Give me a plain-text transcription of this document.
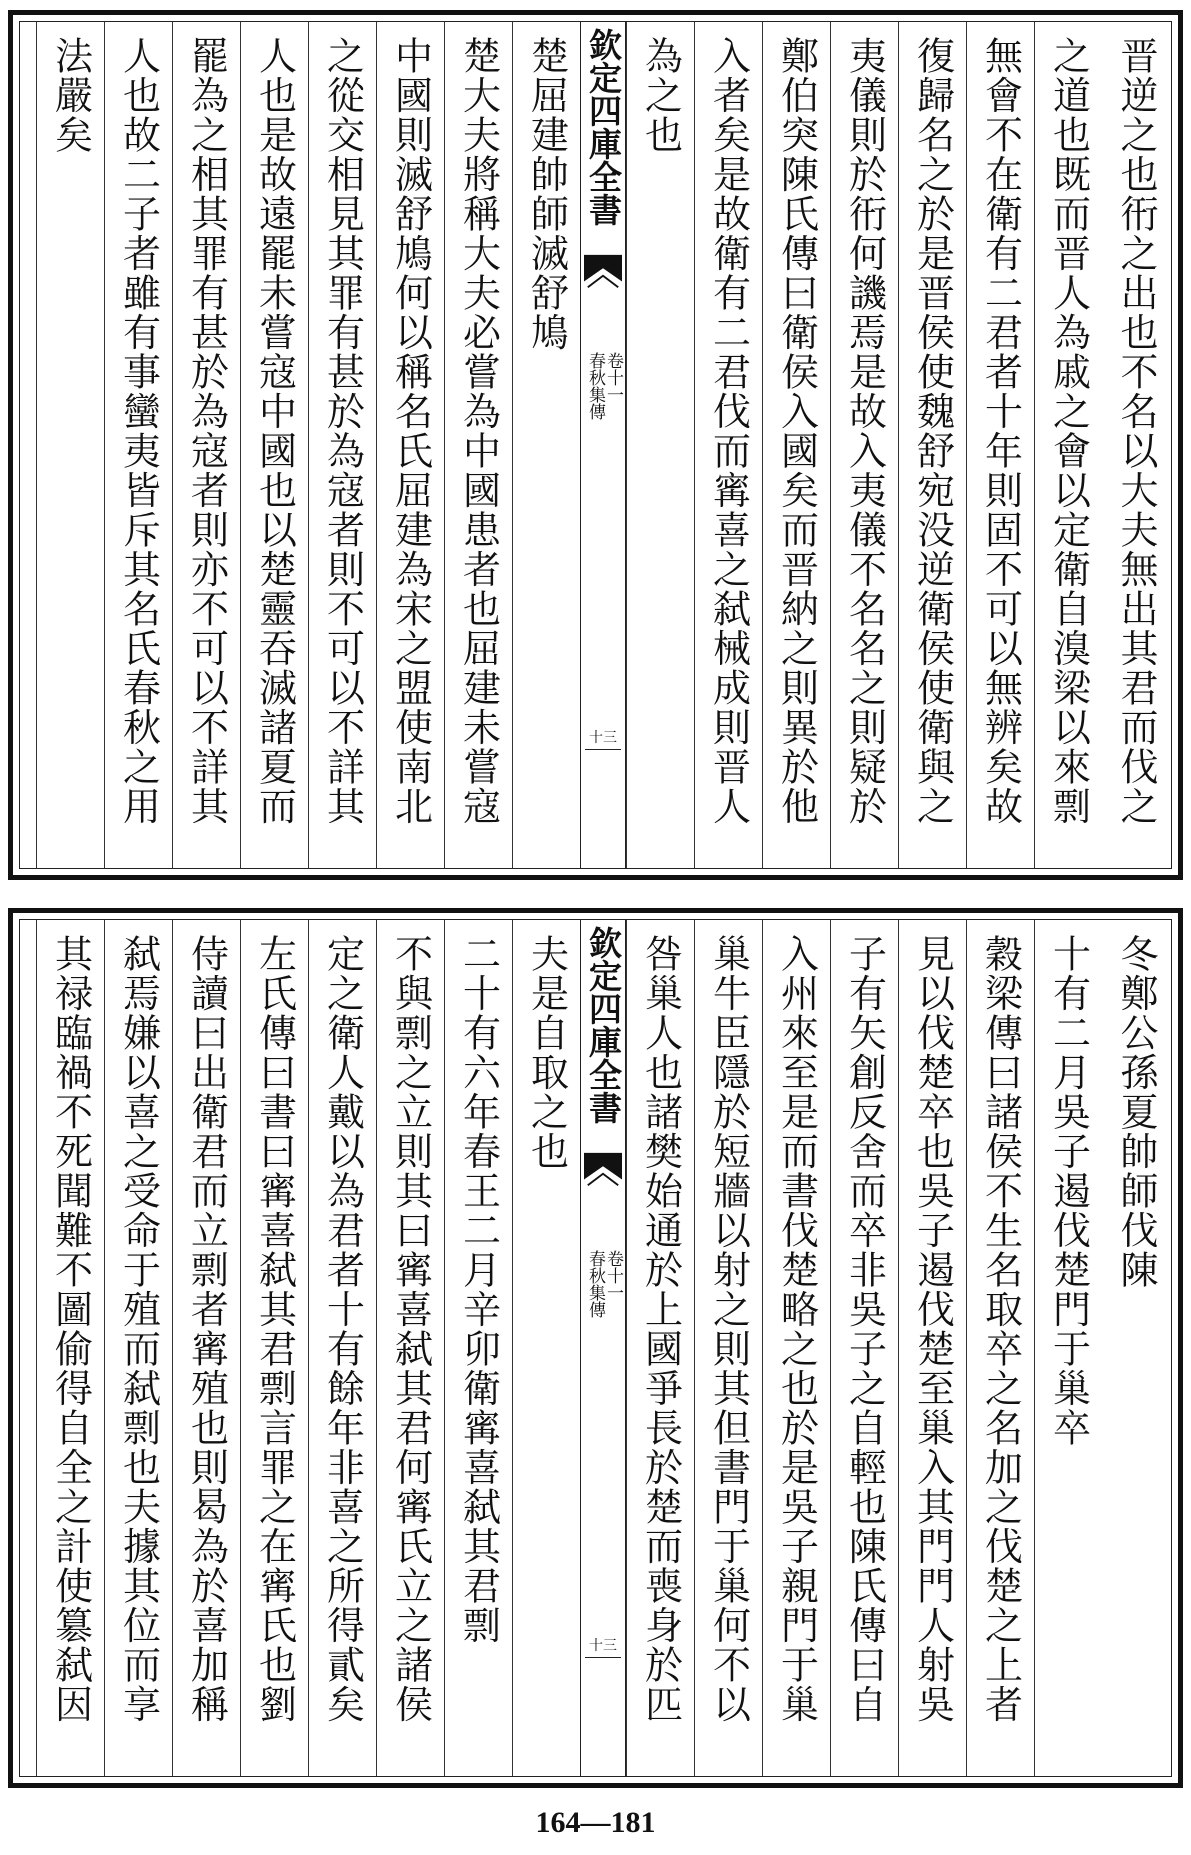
晋逆之也衎之出也不名以大夫無出其君而伐之
之道也既而晋人為戚之會以定衛自溴梁以來剽
無會不在衛有二君者十年則固不可以無辨矣故
復歸名之於是晋侯使魏舒宛没逆衛侯使衛與之
夷儀則於衎何譏焉是故入夷儀不名名之則疑於
鄭伯突陳氏傳曰衛侯入國矣而晋納之則異於他
入者矣是故衛有二君伐而寗喜之弑械成則晋人
為之也
欽定四庫全書
春秋集傳
卷十一
十三
楚屈建帥師滅舒鳩
楚大夫將稱大夫必嘗為中國患者也屈建未嘗寇
中國則滅舒鳩何以稱名氏屈建為宋之盟使南北
之從交相見其罪有甚於為寇者則不可以不詳其
人也是故遠罷未嘗寇中國也以楚靈吞滅諸夏而
罷為之相其罪有甚於為寇者則亦不可以不詳其
人也故二子者雖有事蠻夷皆斥其名氏春秋之用
法嚴矣
冬鄭公孫夏帥師伐陳
十有二月吳子遏伐楚門于巢卒
穀梁傳曰諸侯不生名取卒之名加之伐楚之上者
見以伐楚卒也吳子遏伐楚至巢入其門門人射吳
子有矢創反舍而卒非吳子之自輕也陳氏傳曰自
入州來至是而書伐楚略之也於是吳子親門于巢
巢牛臣隱於短牆以射之則其但書門于巢何不以
咎巢人也諸樊始通於上國爭長於楚而喪身於匹
欽定四庫全書
春秋集傳
卷十一
十三
夫是自取之也
二十有六年春王二月辛卯衛寗喜弑其君剽
不與剽之立則其曰寗喜弑其君何寗氏立之諸侯
定之衛人戴以為君者十有餘年非喜之所得貳矣
左氏傳曰書曰寗喜弑其君剽言罪之在寗氏也劉
侍讀曰出衛君而立剽者寗殖也則曷為於喜加稱
弑焉嫌以喜之受命于殖而弑剽也夫據其位而享
其禄臨禍不死聞難不圖偷得自全之計使簒弑因
164—181
